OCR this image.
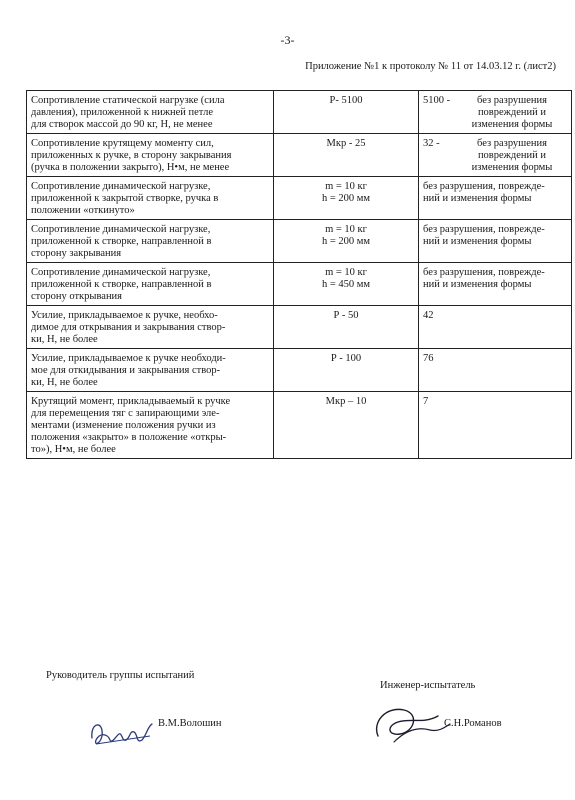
-3-
Приложение №1 к протоколу № 11 от 14.03.12 г. (лист2)
Сопротивление статической нагрузке (сила
давления), приложенной к нижней петле
для створок массой до 90 кг, Н, не менее	Р- 5100	5100 - без разрушения
повреждений и
изменения формы

Сопротивление крутящему моменту сил,
приложенных к ручке, в сторону закрывания
(ручка в положении закрыто), Н•м, не менее	Мкр - 25	32 - без разрушения
повреждений и
изменения формы

Сопротивление динамической нагрузке,
приложенной к закрытой створке, ручка в
положении «откинуто»	m = 10 кг
h = 200 мм	без разрушения, поврежде-
ний и изменения формы

Сопротивление динамической нагрузке,
приложенной к створке, направленной в
сторону закрывания	m = 10 кг
h = 200 мм	без разрушения, поврежде-
ний и изменения формы

Сопротивление динамической нагрузке,
приложенной к створке, направленной в
сторону открывания	m = 10 кг
h = 450 мм	без разрушения, поврежде-
ний и изменения формы

Усилие, прикладываемое к ручке, необхо-
димое для открывания и закрывания створ-
ки, Н, не более	Р - 50	42

Усилие, прикладываемое к ручке необходи-
мое для откидывания и закрывания створ-
ки, Н, не более	Р - 100	76

Крутящий момент, прикладываемый к ручке
для перемещения тяг с запирающими эле-
ментами (изменение положения ручки из
положения «закрыто» в положение «откры-
то»), Н•м, не более	Мкр – 10	7
Руководитель группы испытаний
Инженер-испытатель
В.М.Волошин	С.Н.Романов
